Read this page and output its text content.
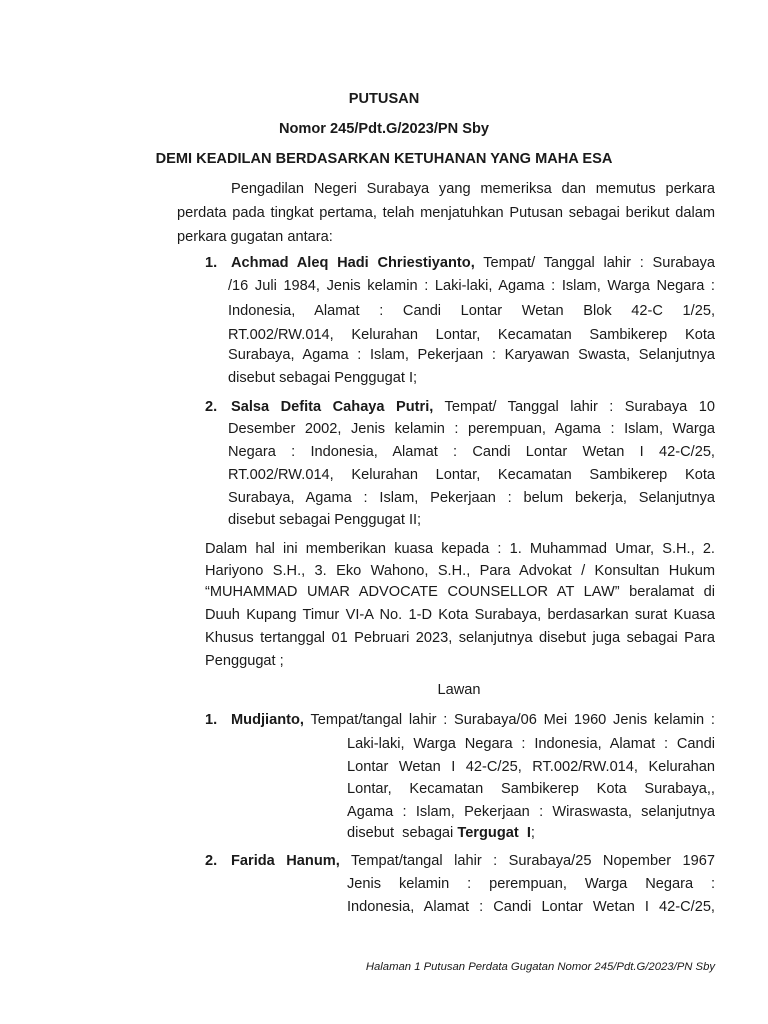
PUTUSAN
Nomor 245/Pdt.G/2023/PN Sby
DEMI KEADILAN BERDASARKAN KETUHANAN YANG MAHA ESA
Pengadilan Negeri Surabaya yang memeriksa dan memutus perkara
perdata pada tingkat pertama, telah menjatuhkan Putusan sebagai berikut dalam
perkara gugatan antara:
1. Achmad Aleq Hadi Chriestiyanto, Tempat/ Tanggal lahir : Surabaya
/16 Juli 1984, Jenis kelamin : Laki-laki, Agama : Islam, Warga Negara :
Indonesia, Alamat : Candi Lontar Wetan Blok 42-C 1/25,
RT.002/RW.014, Kelurahan Lontar, Kecamatan Sambikerep Kota
Surabaya, Agama : Islam, Pekerjaan : Karyawan Swasta, Selanjutnya
disebut sebagai Penggugat I;
2. Salsa Defita Cahaya Putri, Tempat/ Tanggal lahir : Surabaya 10
Desember 2002, Jenis kelamin : perempuan, Agama : Islam, Warga
Negara : Indonesia, Alamat : Candi Lontar Wetan I 42-C/25,
RT.002/RW.014, Kelurahan Lontar, Kecamatan Sambikerep Kota
Surabaya, Agama : Islam, Pekerjaan : belum bekerja, Selanjutnya
disebut sebagai Penggugat II;
Dalam hal ini memberikan kuasa kepada : 1. Muhammad Umar, S.H., 2.
Hariyono S.H., 3. Eko Wahono, S.H., Para Advokat / Konsultan Hukum
“MUHAMMAD UMAR ADVOCATE COUNSELLOR AT LAW” beralamat di
Duuh Kupang Timur VI-A No. 1-D Kota Surabaya, berdasarkan surat Kuasa
Khusus tertanggal 01 Pebruari 2023, selanjutnya disebut juga sebagai Para
Penggugat ;
Lawan
1. Mudjianto, Tempat/tangal lahir : Surabaya/06 Mei 1960 Jenis kelamin :
Laki-laki, Warga Negara : Indonesia, Alamat : Candi
Lontar Wetan I 42-C/25, RT.002/RW.014, Kelurahan
Lontar, Kecamatan Sambikerep Kota Surabaya,,
Agama : Islam, Pekerjaan : Wiraswasta, selanjutnya
disebut  sebagai Tergugat  I;
2. Farida Hanum, Tempat/tangal lahir : Surabaya/25 Nopember 1967
Jenis kelamin : perempuan, Warga Negara :
Indonesia, Alamat : Candi Lontar Wetan I 42-C/25,
Halaman 1 Putusan Perdata Gugatan Nomor 245/Pdt.G/2023/PN Sby
